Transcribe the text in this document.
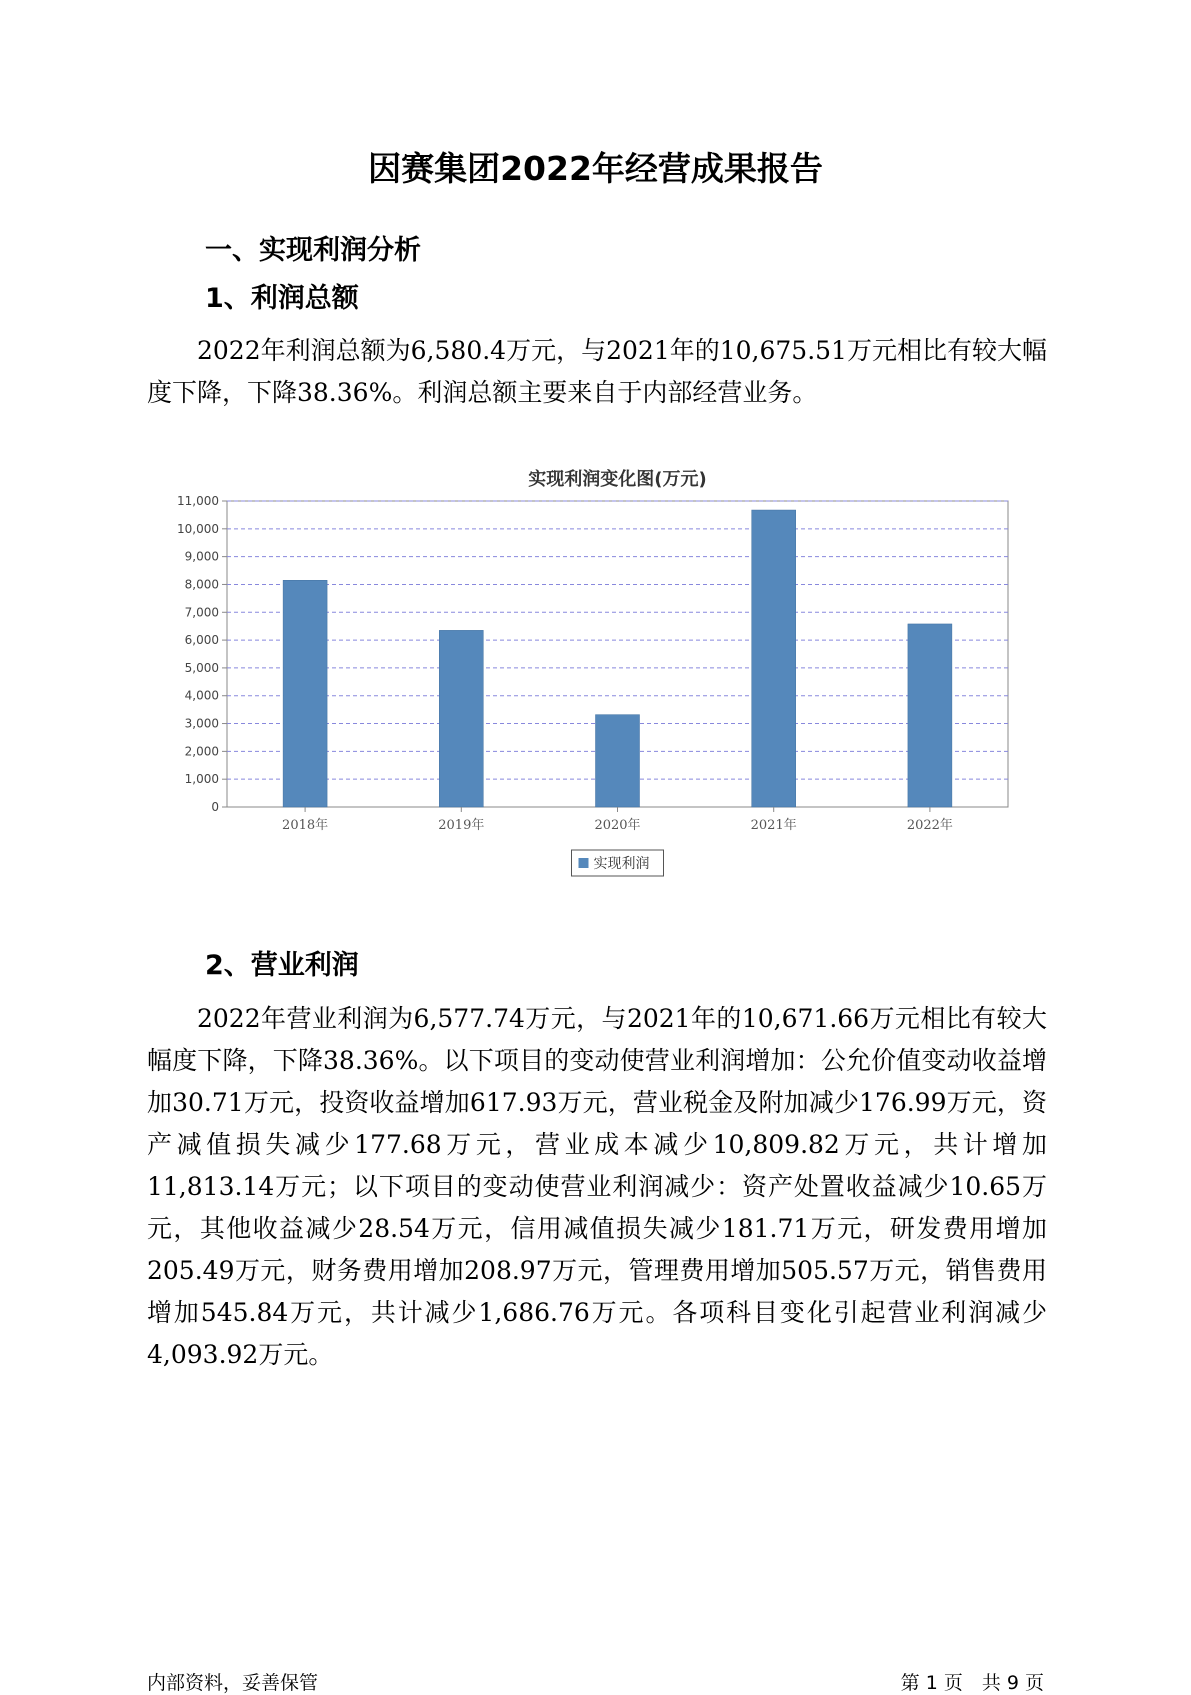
因赛集团2022年经营成果报告
一、实现利润分析
1、利润总额

2022年利润总额为6,580.4万元，与2021年的10,675.51万元相比有较大幅度下降，下降38.36%。利润总额主要来自于内部经营业务。

实现利润变化图(万元)
0
1,000
2,000
3,000
4,000
5,000
6,000
7,000
8,000
9,000
10,000
11,000
2018年	2019年	2020年	2021年	2022年
实现利润
2、营业利润

2022年营业利润为6,577.74万元，与2021年的10,671.66万元相比有较大幅度下降，下降38.36%。以下项目的变动使营业利润增加：公允价值变动收益增加30.71万元，投资收益增加617.93万元，营业税金及附加减少176.99万元，资产减值损失减少177.68万元，营业成本减少10,809.82万元，共计增加11,813.14万元；以下项目的变动使营业利润减少：资产处置收益减少10.65万元，其他收益减少28.54万元，信用减值损失减少181.71万元，研发费用增加205.49万元，财务费用增加208.97万元，管理费用增加505.57万元，销售费用增加545.84万元，共计减少1,686.76万元。各项科目变化引起营业利润减少4,093.92万元。

内部资料，妥善保管	第 1 页　共 9 页
